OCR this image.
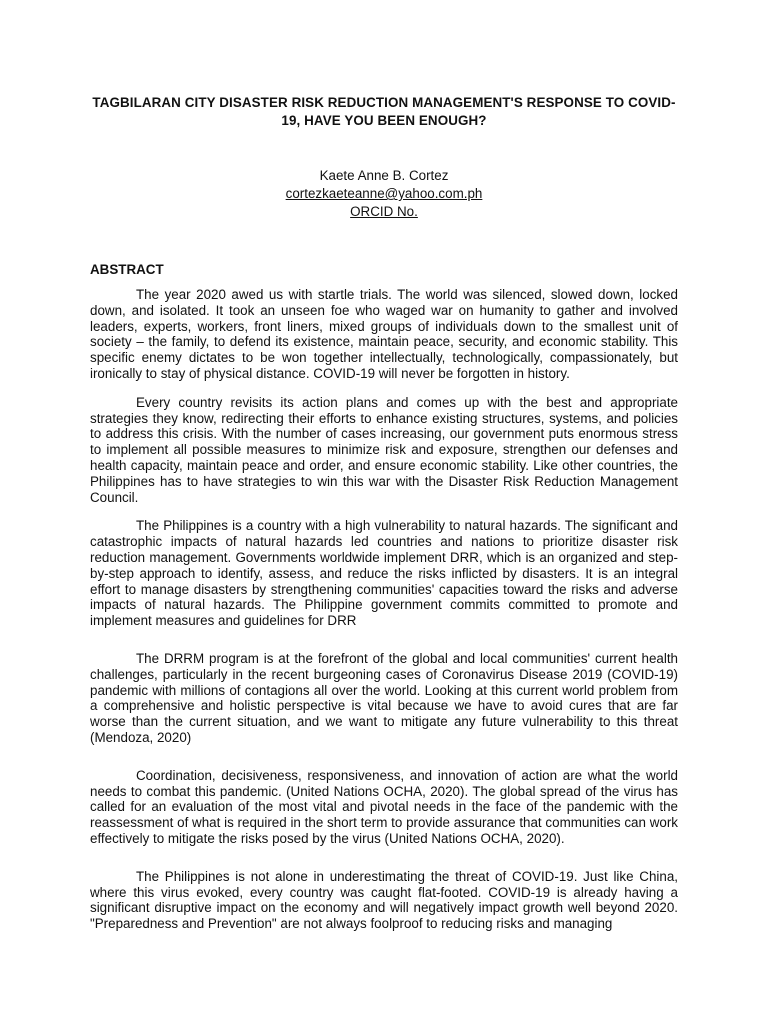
TAGBILARAN CITY DISASTER RISK REDUCTION MANAGEMENT'S RESPONSE TO COVID-19, HAVE YOU BEEN ENOUGH?
Kaete Anne B. Cortez
cortezkaeteanne@yahoo.com.ph
ORCID No.
ABSTRACT

The year 2020 awed us with startle trials. The world was silenced, slowed down, locked down, and isolated. It took an unseen foe who waged war on humanity to gather and involved leaders, experts, workers, front liners, mixed groups of individuals down to the smallest unit of society – the family, to defend its existence, maintain peace, security, and economic stability. This specific enemy dictates to be won together intellectually, technologically, compassionately, but ironically to stay of physical distance. COVID-19 will never be forgotten in history.

Every country revisits its action plans and comes up with the best and appropriate strategies they know, redirecting their efforts to enhance existing structures, systems, and policies to address this crisis. With the number of cases increasing, our government puts enormous stress to implement all possible measures to minimize risk and exposure, strengthen our defenses and health capacity, maintain peace and order, and ensure economic stability. Like other countries, the Philippines has to have strategies to win this war with the Disaster Risk Reduction Management Council.

The Philippines is a country with a high vulnerability to natural hazards. The significant and catastrophic impacts of natural hazards led countries and nations to prioritize disaster risk reduction management. Governments worldwide implement DRR, which is an organized and step-by-step approach to identify, assess, and reduce the risks inflicted by disasters. It is an integral effort to manage disasters by strengthening communities' capacities toward the risks and adverse impacts of natural hazards. The Philippine government commits committed to promote and implement measures and guidelines for DRR

The DRRM program is at the forefront of the global and local communities' current health challenges, particularly in the recent burgeoning cases of Coronavirus Disease 2019 (COVID-19) pandemic with millions of contagions all over the world. Looking at this current world problem from a comprehensive and holistic perspective is vital because we have to avoid cures that are far worse than the current situation, and we want to mitigate any future vulnerability to this threat (Mendoza, 2020)

Coordination, decisiveness, responsiveness, and innovation of action are what the world needs to combat this pandemic. (United Nations OCHA, 2020). The global spread of the virus has called for an evaluation of the most vital and pivotal needs in the face of the pandemic with the reassessment of what is required in the short term to provide assurance that communities can work effectively to mitigate the risks posed by the virus (United Nations OCHA, 2020).

The Philippines is not alone in underestimating the threat of COVID-19. Just like China, where this virus evoked, every country was caught flat-footed. COVID-19 is already having a significant disruptive impact on the economy and will negatively impact growth well beyond 2020. "Preparedness and Prevention" are not always foolproof to reducing risks and managing
